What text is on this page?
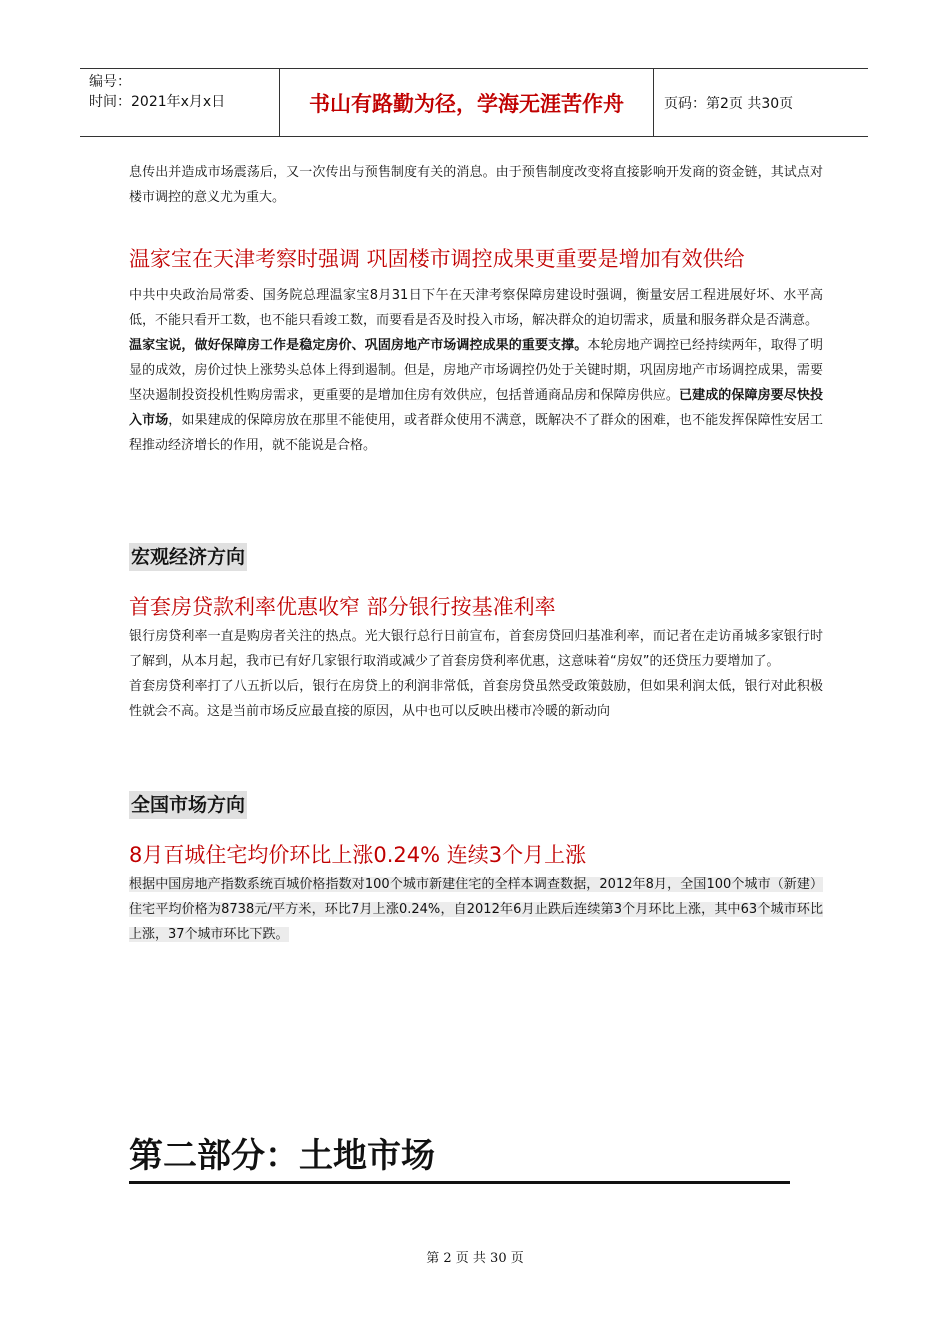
编号：
时间：2021年x月x日	书山有路勤为径，学海无涯苦作舟	页码：第2页 共30页

息传出并造成市场震荡后，又一次传出与预售制度有关的消息。由于预售制度改变将直接影响开发商的资金链，其试点对楼市调控的意义尤为重大。

温家宝在天津考察时强调 巩固楼市调控成果更重要是增加有效供给

中共中央政治局常委、国务院总理温家宝8月31日下午在天津考察保障房建设时强调，衡量安居工程进展好坏、水平高低，不能只看开工数，也不能只看竣工数，而要看是否及时投入市场，解决群众的迫切需求，质量和服务群众是否满意。

温家宝说，做好保障房工作是稳定房价、巩固房地产市场调控成果的重要支撑。本轮房地产调控已经持续两年，取得了明显的成效，房价过快上涨势头总体上得到遏制。但是，房地产市场调控仍处于关键时期，巩固房地产市场调控成果，需要坚决遏制投资投机性购房需求，更重要的是增加住房有效供应，包括普通商品房和保障房供应。已建成的保障房要尽快投入市场，如果建成的保障房放在那里不能使用，或者群众使用不满意，既解决不了群众的困难，也不能发挥保障性安居工程推动经济增长的作用，就不能说是合格。

宏观经济方向
首套房贷款利率优惠收窄 部分银行按基准利率

银行房贷利率一直是购房者关注的热点。光大银行总行日前宣布，首套房贷回归基准利率，而记者在走访甬城多家银行时了解到，从本月起，我市已有好几家银行取消或减少了首套房贷利率优惠，这意味着“房奴”的还贷压力要增加了。

首套房贷利率打了八五折以后，银行在房贷上的利润非常低，首套房贷虽然受政策鼓励，但如果利润太低，银行对此积极性就会不高。这是当前市场反应最直接的原因，从中也可以反映出楼市冷暖的新动向

全国市场方向
8月百城住宅均价环比上涨0.24% 连续3个月上涨

根据中国房地产指数系统百城价格指数对100个城市新建住宅的全样本调查数据，2012年8月，全国100个城市（新建）住宅平均价格为8738元/平方米，环比7月上涨0.24%，自2012年6月止跌后连续第3个月环比上涨，其中63个城市环比上涨，37个城市环比下跌。

第二部分：土地市场
第 2 页 共 30 页
